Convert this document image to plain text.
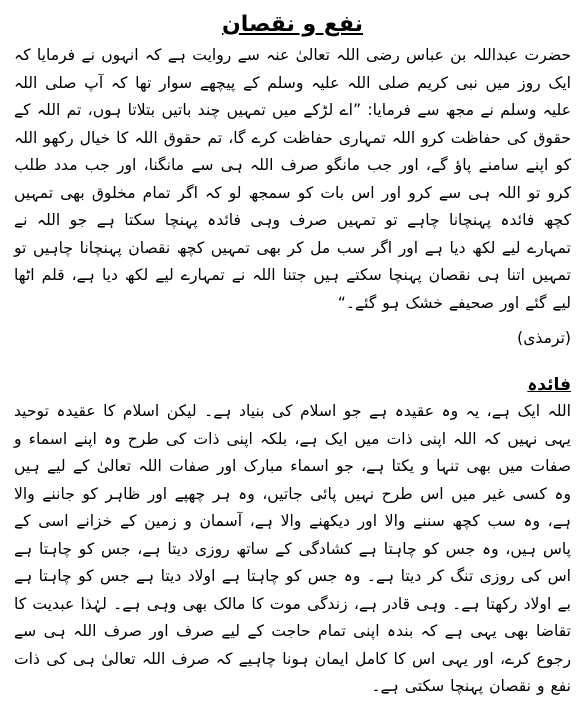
نفع و نقصان

حضرت عبداللہ بن عباس رضی اللہ تعالیٰ عنہ سے روایت ہے کہ انہوں نے فرمایا کہ ایک روز میں نبی کریم صلی اللہ علیہ وسلم کے پیچھے سوار تھا کہ آپ صلی اللہ علیہ وسلم نے مجھ سے فرمایا: ”اے لڑکے میں تمہیں چند باتیں بتلاتا ہوں، تم اللہ کے حقوق کی حفاظت کرو اللہ تمہاری حفاظت کرے گا، تم حقوق اللہ کا خیال رکھو اللہ کو اپنے سامنے پاؤ گے، اور جب مانگو صرف اللہ ہی سے مانگنا، اور جب مدد طلب کرو تو اللہ ہی سے کرو اور اس بات کو سمجھ لو کہ اگر تمام مخلوق بھی تمہیں کچھ فائدہ پہنچانا چاہے تو تمہیں صرف وہی فائدہ پہنچا سکتا ہے جو اللہ نے تمہارے لیے لکھ دیا ہے اور اگر سب مل کر بھی تمہیں کچھ نقصان پہنچانا چاہیں تو تمہیں اتنا ہی نقصان پہنچا سکتے ہیں جتنا اللہ نے تمہارے لیے لکھ دیا ہے، قلم اٹھا لیے گئے اور صحیفے خشک ہو گئے۔“

(ترمذی)

فائدہ

اللہ ایک ہے، یہ وہ عقیدہ ہے جو اسلام کی بنیاد ہے۔ لیکن اسلام کا عقیدہ توحید یہی نہیں کہ اللہ اپنی ذات میں ایک ہے، بلکہ اپنی ذات کی طرح وہ اپنے اسماء و صفات میں بھی تنہا و یکتا ہے، جو اسماء مبارک اور صفات اللہ تعالیٰ کے لیے ہیں وہ کسی غیر میں اس طرح نہیں پائی جاتیں، وہ ہر چھپے اور ظاہر کو جاننے والا ہے، وہ سب کچھ سننے والا اور دیکھنے والا ہے، آسمان و زمین کے خزانے اسی کے پاس ہیں، وہ جس کو چاہتا ہے کشادگی کے ساتھ روزی دیتا ہے، جس کو چاہتا ہے اس کی روزی تنگ کر دیتا ہے۔ وہ جس کو چاہتا ہے اولاد دیتا ہے جس کو چاہتا ہے بے اولاد رکھتا ہے۔ وہی قادر ہے، زندگی موت کا مالک بھی وہی ہے۔ لہٰذا عبدیت کا تقاضا بھی یہی ہے کہ بندہ اپنی تمام حاجت کے لیے صرف اور صرف اللہ ہی سے رجوع کرے، اور یہی اس کا کامل ایمان ہونا چاہیے کہ صرف اللہ تعالیٰ ہی کی ذات نفع و نقصان پہنچا سکتی ہے۔
